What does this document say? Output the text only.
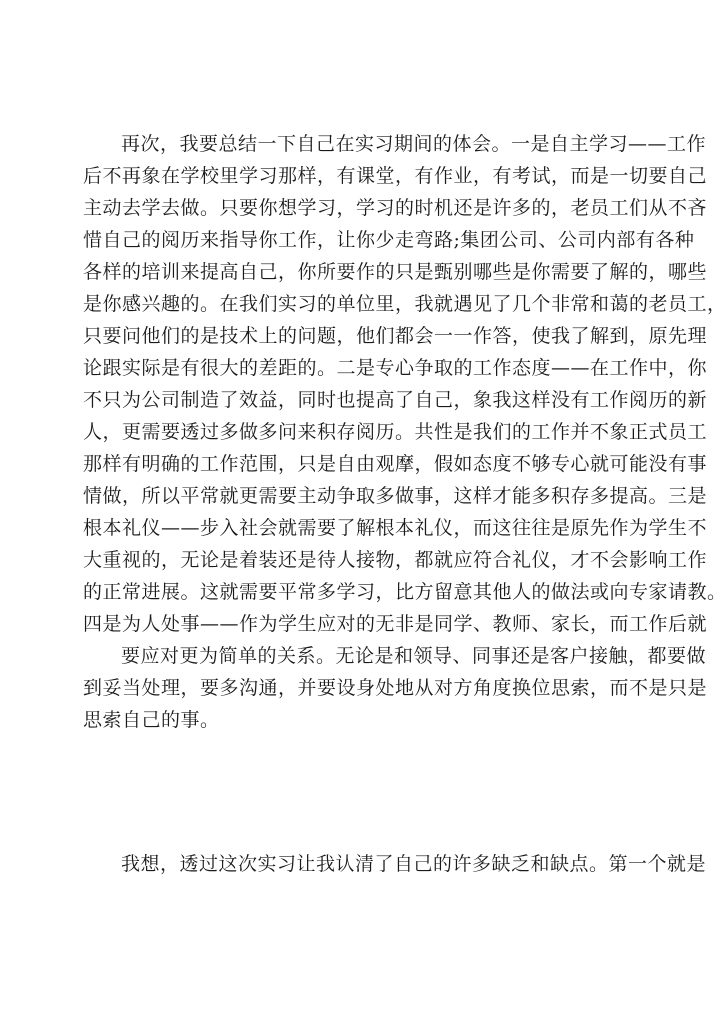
再次，我要总结一下自己在实习期间的体会。一是自主学习——工作
后不再象在学校里学习那样，有课堂，有作业，有考试，而是一切要自己
主动去学去做。只要你想学习，学习的时机还是许多的，老员工们从不吝
惜自己的阅历来指导你工作，让你少走弯路;集团公司、公司内部有各种
各样的培训来提高自己，你所要作的只是甄别哪些是你需要了解的，哪些
是你感兴趣的。在我们实习的单位里，我就遇见了几个非常和蔼的老员工，
只要问他们的是技术上的问题，他们都会一一作答，使我了解到，原先理
论跟实际是有很大的差距的。二是专心争取的工作态度——在工作中，你
不只为公司制造了效益，同时也提高了自己，象我这样没有工作阅历的新
人，更需要透过多做多问来积存阅历。共性是我们的工作并不象正式员工
那样有明确的工作范围，只是自由观摩，假如态度不够专心就可能没有事
情做，所以平常就更需要主动争取多做事，这样才能多积存多提高。三是
根本礼仪——步入社会就需要了解根本礼仪，而这往往是原先作为学生不
大重视的，无论是着装还是待人接物，都就应符合礼仪，才不会影响工作
的正常进展。这就需要平常多学习，比方留意其他人的做法或向专家请教。
四是为人处事——作为学生应对的无非是同学、教师、家长，而工作后就
要应对更为简单的关系。无论是和领导、同事还是客户接触，都要做
到妥当处理，要多沟通，并要设身处地从对方角度换位思索，而不是只是
思索自己的事。
我想，透过这次实习让我认清了自己的许多缺乏和缺点。第一个就是
